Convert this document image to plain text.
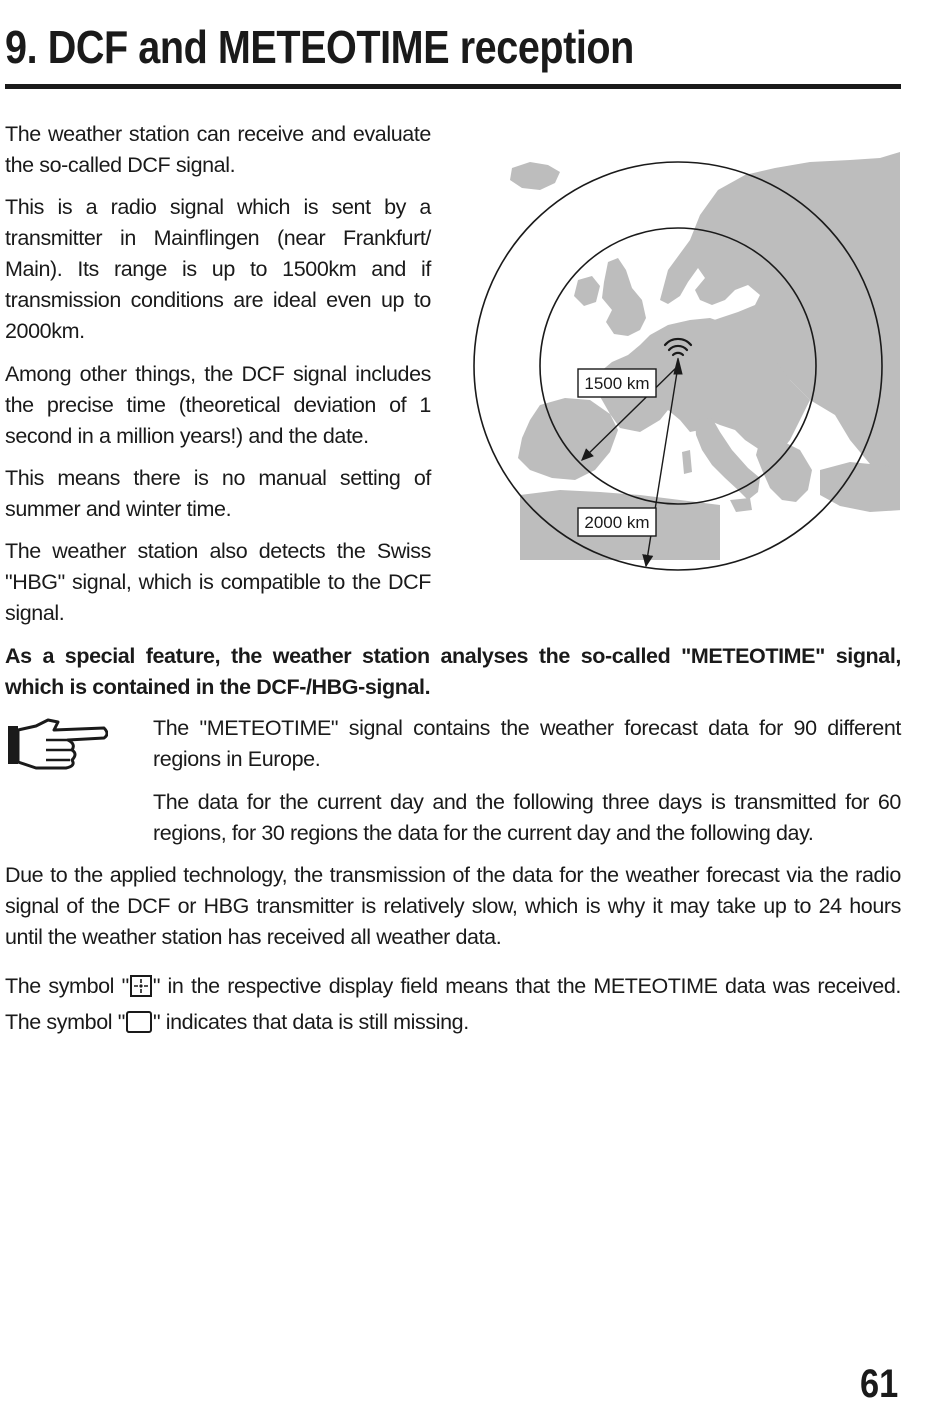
9. DCF and METEOTIME reception

The weather station can receive and evaluate the so-called DCF signal.

This is a radio signal which is sent by a transmitter in Mainflingen (near Frankfurt/ Main). Its range is up to 1500km and if transmission conditions are ideal even up to 2000km.

Among other things, the DCF signal includes the precise time (theoretical deviation of 1 second in a million years!) and the date.

This means there is no manual setting of summer and winter time.

The weather station also detects the Swiss "HBG" signal, which is compatible to the DCF signal.

1500 km
2000 km

As a special feature, the weather station analyses the so-called "METEOTIME" signal, which is contained in the DCF-/HBG-signal.

The "METEOTIME" signal contains the weather forecast data for 90 different regions in Europe.

The data for the current day and the following three days is transmitted for 60 regions, for 30 regions the data for the current day and the following day.

Due to the applied technology, the transmission of the data for the weather forecast via the radio signal of the DCF or HBG transmitter is relatively slow, which is why it may take up to 24 hours until the weather station has received all weather data.

The symbol " " in the respective display field means that the METEOTIME data was received. The symbol " " indicates that data is still missing.

61
